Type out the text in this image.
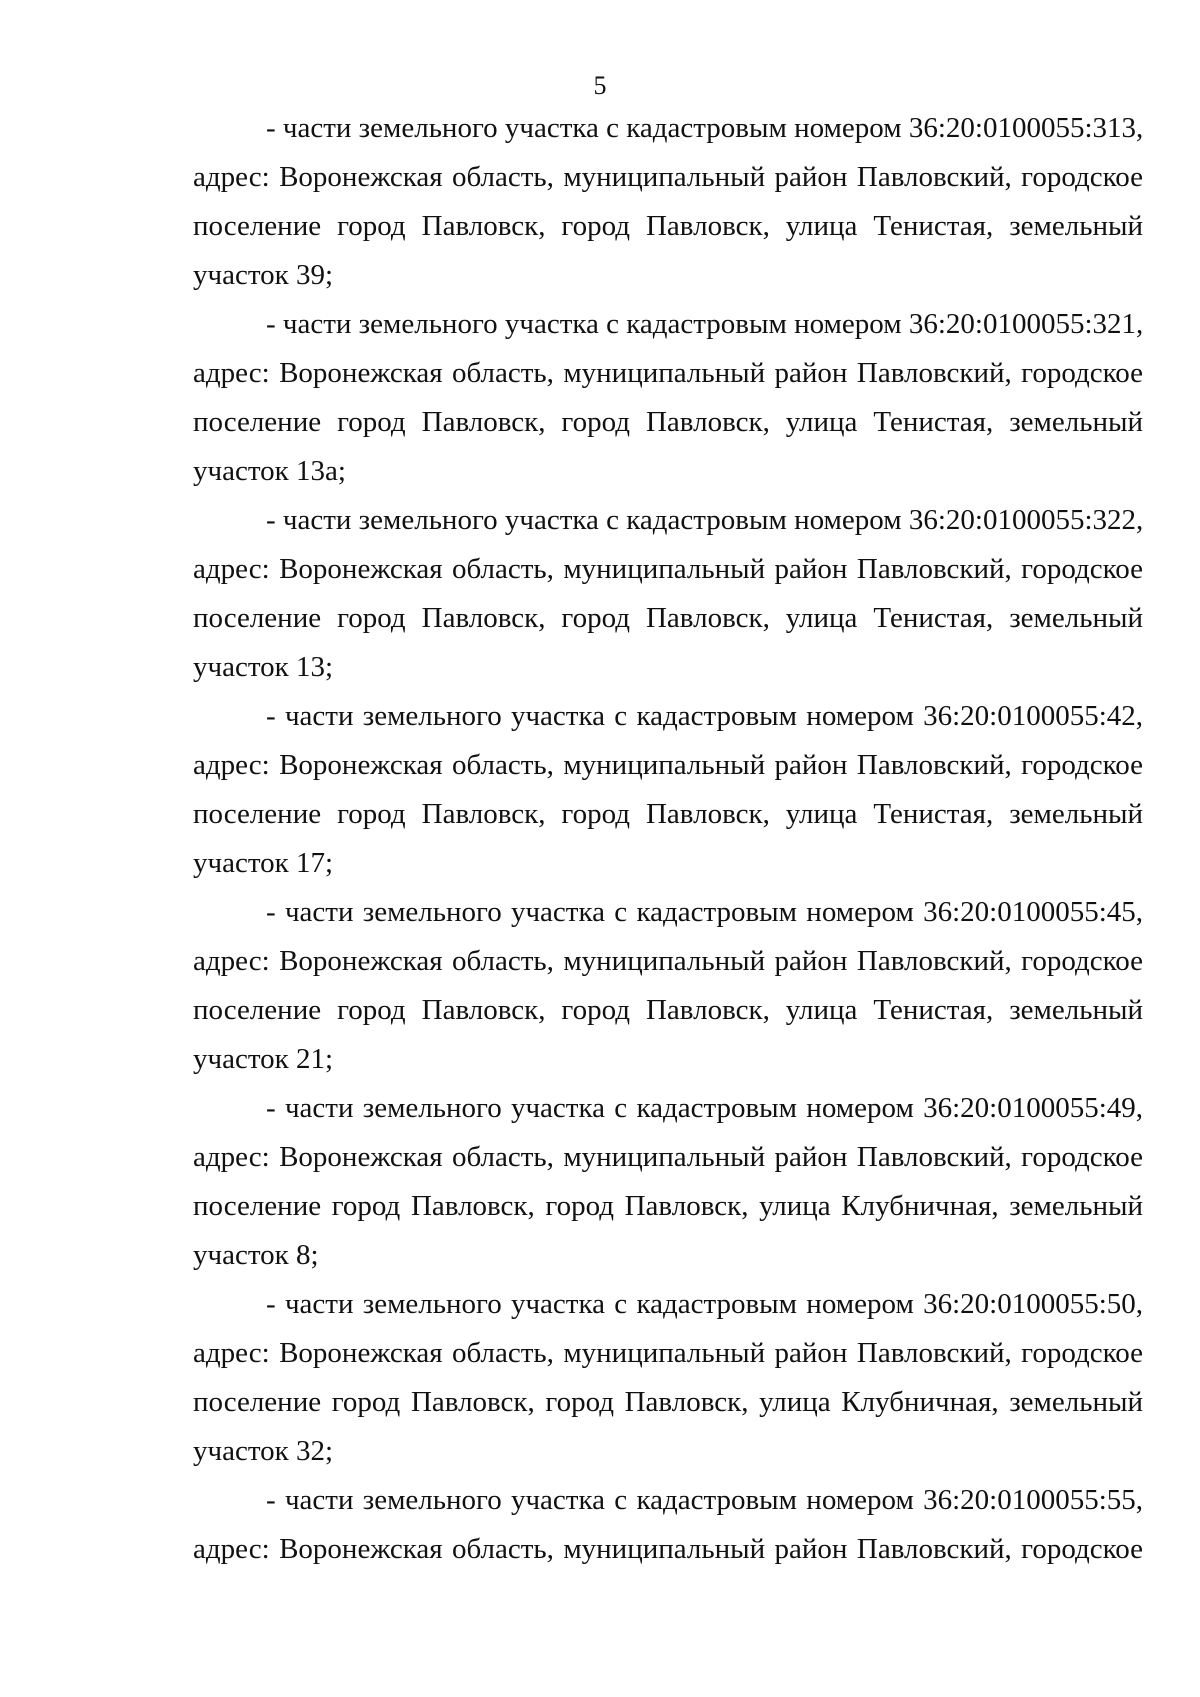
5
- части земельного участка с кадастровым номером 36:20:0100055:313,
адрес: Воронежская область, муниципальный район Павловский, городское
поселение город Павловск, город Павловск, улица Тенистая, земельный
участок 39;
- части земельного участка с кадастровым номером 36:20:0100055:321,
адрес: Воронежская область, муниципальный район Павловский, городское
поселение город Павловск, город Павловск, улица Тенистая, земельный
участок 13а;
- части земельного участка с кадастровым номером 36:20:0100055:322,
адрес: Воронежская область, муниципальный район Павловский, городское
поселение город Павловск, город Павловск, улица Тенистая, земельный
участок 13;
- части земельного участка с кадастровым номером 36:20:0100055:42,
адрес: Воронежская область, муниципальный район Павловский, городское
поселение город Павловск, город Павловск, улица Тенистая, земельный
участок 17;
- части земельного участка с кадастровым номером 36:20:0100055:45,
адрес: Воронежская область, муниципальный район Павловский, городское
поселение город Павловск, город Павловск, улица Тенистая, земельный
участок 21;
- части земельного участка с кадастровым номером 36:20:0100055:49,
адрес: Воронежская область, муниципальный район Павловский, городское
поселение город Павловск, город Павловск, улица Клубничная, земельный
участок 8;
- части земельного участка с кадастровым номером 36:20:0100055:50,
адрес: Воронежская область, муниципальный район Павловский, городское
поселение город Павловск, город Павловск, улица Клубничная, земельный
участок 32;
- части земельного участка с кадастровым номером 36:20:0100055:55,
адрес: Воронежская область, муниципальный район Павловский, городское
